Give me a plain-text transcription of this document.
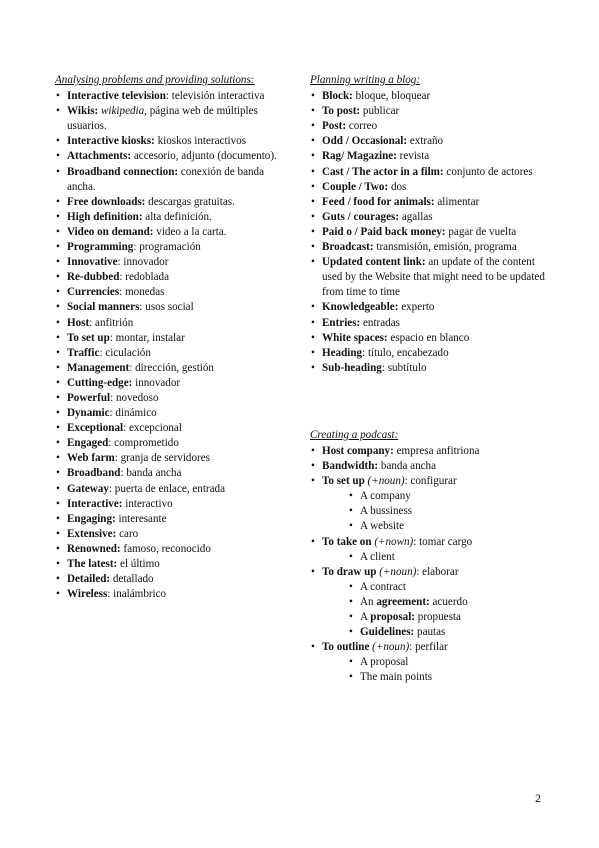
Analysing problems and providing solutions:
• Interactive television: televisión interactiva
• Wikis: wikipedia, página web de múltiples usuarios.
• Interactive kiosks: kioskos interactivos
• Attachments: accesorio, adjunto (documento).
• Broadband connection: conexión de banda ancha.
• Free downloads: descargas gratuitas.
• High definition: alta definición.
• Video on demand: video a la carta.
• Programming: programación
• Innovative: innovador
• Re-dubbed: redoblada
• Currencies: monedas
• Social manners: usos social
• Host: anfitrión
• To set up: montar, instalar
• Traffic: ciculación
• Management: dirección, gestión
• Cutting-edge: innovador
• Powerful: novedoso
• Dynamic: dinámico
• Exceptional: excepcional
• Engaged: comprometido
• Web farm: granja de servidores
• Broadband: banda ancha
• Gateway: puerta de enlace, entrada
• Interactive: interactivo
• Engaging: interesante
• Extensive: caro
• Renowned: famoso, reconocido
• The latest: el último
• Detailed: detallado
• Wireless: inalámbrico
Planning writing a blog:
• Block: bloque, bloquear
• To post: publicar
• Post: correo
• Odd / Occasional: extraño
• Rag/ Magazine: revista
• Cast / The actor in a film: conjunto de actores
• Couple / Two: dos
• Feed / food for animals: alimentar
• Guts / courages: agallas
• Paid o / Paid back money: pagar de vuelta
• Broadcast: transmisión, emisión, programa
• Updated content link: an update of the content used by the Website that might need to be updated from time to time
• Knowledgeable: experto
• Entries: entradas
• White spaces: espacio en blanco
• Heading: título, encabezado
• Sub-heading: subtítulo
Creating a podcast:
• Host company: empresa anfitriona
• Bandwidth: banda ancha
• To set up (+noun): configurar
• A company
• A bussiness
• A website
• To take on (+nown): tomar cargo
• A client
• To draw up (+noun): elaborar
• A contract
• An agreement: acuerdo
• A proposal: propuesta
• Guidelines: pautas
• To outline (+noun): perfilar
• A proposal
• The main points
2
